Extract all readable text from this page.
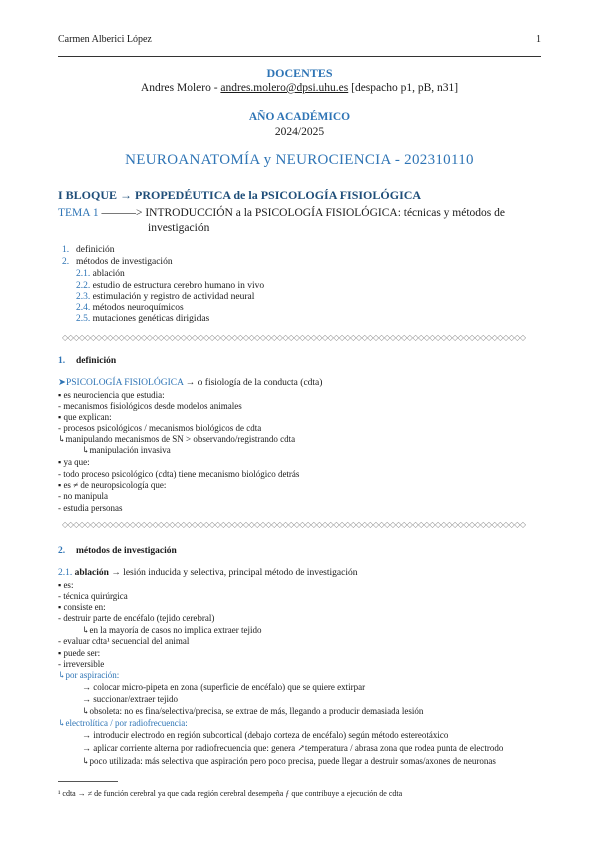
Carmen Alberici López	1
DOCENTES
Andres Molero - andres.molero@dpsi.uhu.es [despacho p1, pB, n31]
AÑO ACADÉMICO
2024/2025
NEUROANATOMÍA y NEUROCIENCIA - 202310110
I BLOQUE → PROPEDÉUTICA de la PSICOLOGÍA FISIOLÓGICA
TEMA 1 ———> INTRODUCCIÓN a la PSICOLOGÍA FISIOLÓGICA: técnicas y métodos de
investigación
1. definición
2. métodos de investigación
2.1. ablación
2.2. estudio de estructura cerebro humano in vivo
2.3. estimulación y registro de actividad neural
2.4. métodos neuroquímicos
2.5. mutaciones genéticas dirigidas
◇◇◇◇◇◇◇◇◇◇◇◇◇◇◇◇◇◇◇◇◇◇◇◇◇◇◇◇◇◇◇◇◇◇◇◇◇◇◇◇◇◇◇◇◇◇◇◇◇◇◇◇◇◇◇◇◇◇◇◇◇◇◇◇◇◇◇◇◇◇◇◇◇◇◇◇◇◇◇◇◇◇
1. definición
➤PSICOLOGÍA FISIOLÓGICA → o fisiología de la conducta (cdta)
▪ es neurociencia que estudia:
- mecanismos fisiológicos desde modelos animales
▪ que explican:
- procesos psicológicos / mecanismos biológicos de cdta
↳manipulando mecanismos de SN > observando/registrando cdta
↳manipulación invasiva
▪ ya que:
- todo proceso psicológico (cdta) tiene mecanismo biológico detrás
▪ es ≠ de neuropsicología que:
- no manipula
- estudia personas
◇◇◇◇◇◇◇◇◇◇◇◇◇◇◇◇◇◇◇◇◇◇◇◇◇◇◇◇◇◇◇◇◇◇◇◇◇◇◇◇◇◇◇◇◇◇◇◇◇◇◇◇◇◇◇◇◇◇◇◇◇◇◇◇◇◇◇◇◇◇◇◇◇◇◇◇◇◇◇◇◇◇
2. métodos de investigación
2.1. ablación → lesión inducida y selectiva, principal método de investigación
▪ es:
- técnica quirúrgica
▪ consiste en:
- destruir parte de encéfalo (tejido cerebral)
↳en la mayoría de casos no implica extraer tejido
- evaluar cdta¹ secuencial del animal
▪ puede ser:
- irreversible
↳por aspiración:
→ colocar micro-pipeta en zona (superficie de encéfalo) que se quiere extirpar
→ succionar/extraer tejido
↳obsoleta: no es fina/selectiva/precisa, se extrae de más, llegando a producir demasiada lesión
↳electrolítica / por radiofrecuencia:
→ introducir electrodo en región subcortical (debajo corteza de encéfalo) según método estereotáxico
→ aplicar corriente alterna por radiofrecuencia que: genera ↗temperatura / abrasa zona que rodea punta de electrodo
↳poco utilizada: más selectiva que aspiración pero poco precisa, puede llegar a destruir somas/axones de neuronas
¹ cdta → ≠ de función cerebral ya que cada región cerebral desempeña ƒ que contribuye a ejecución de cdta
